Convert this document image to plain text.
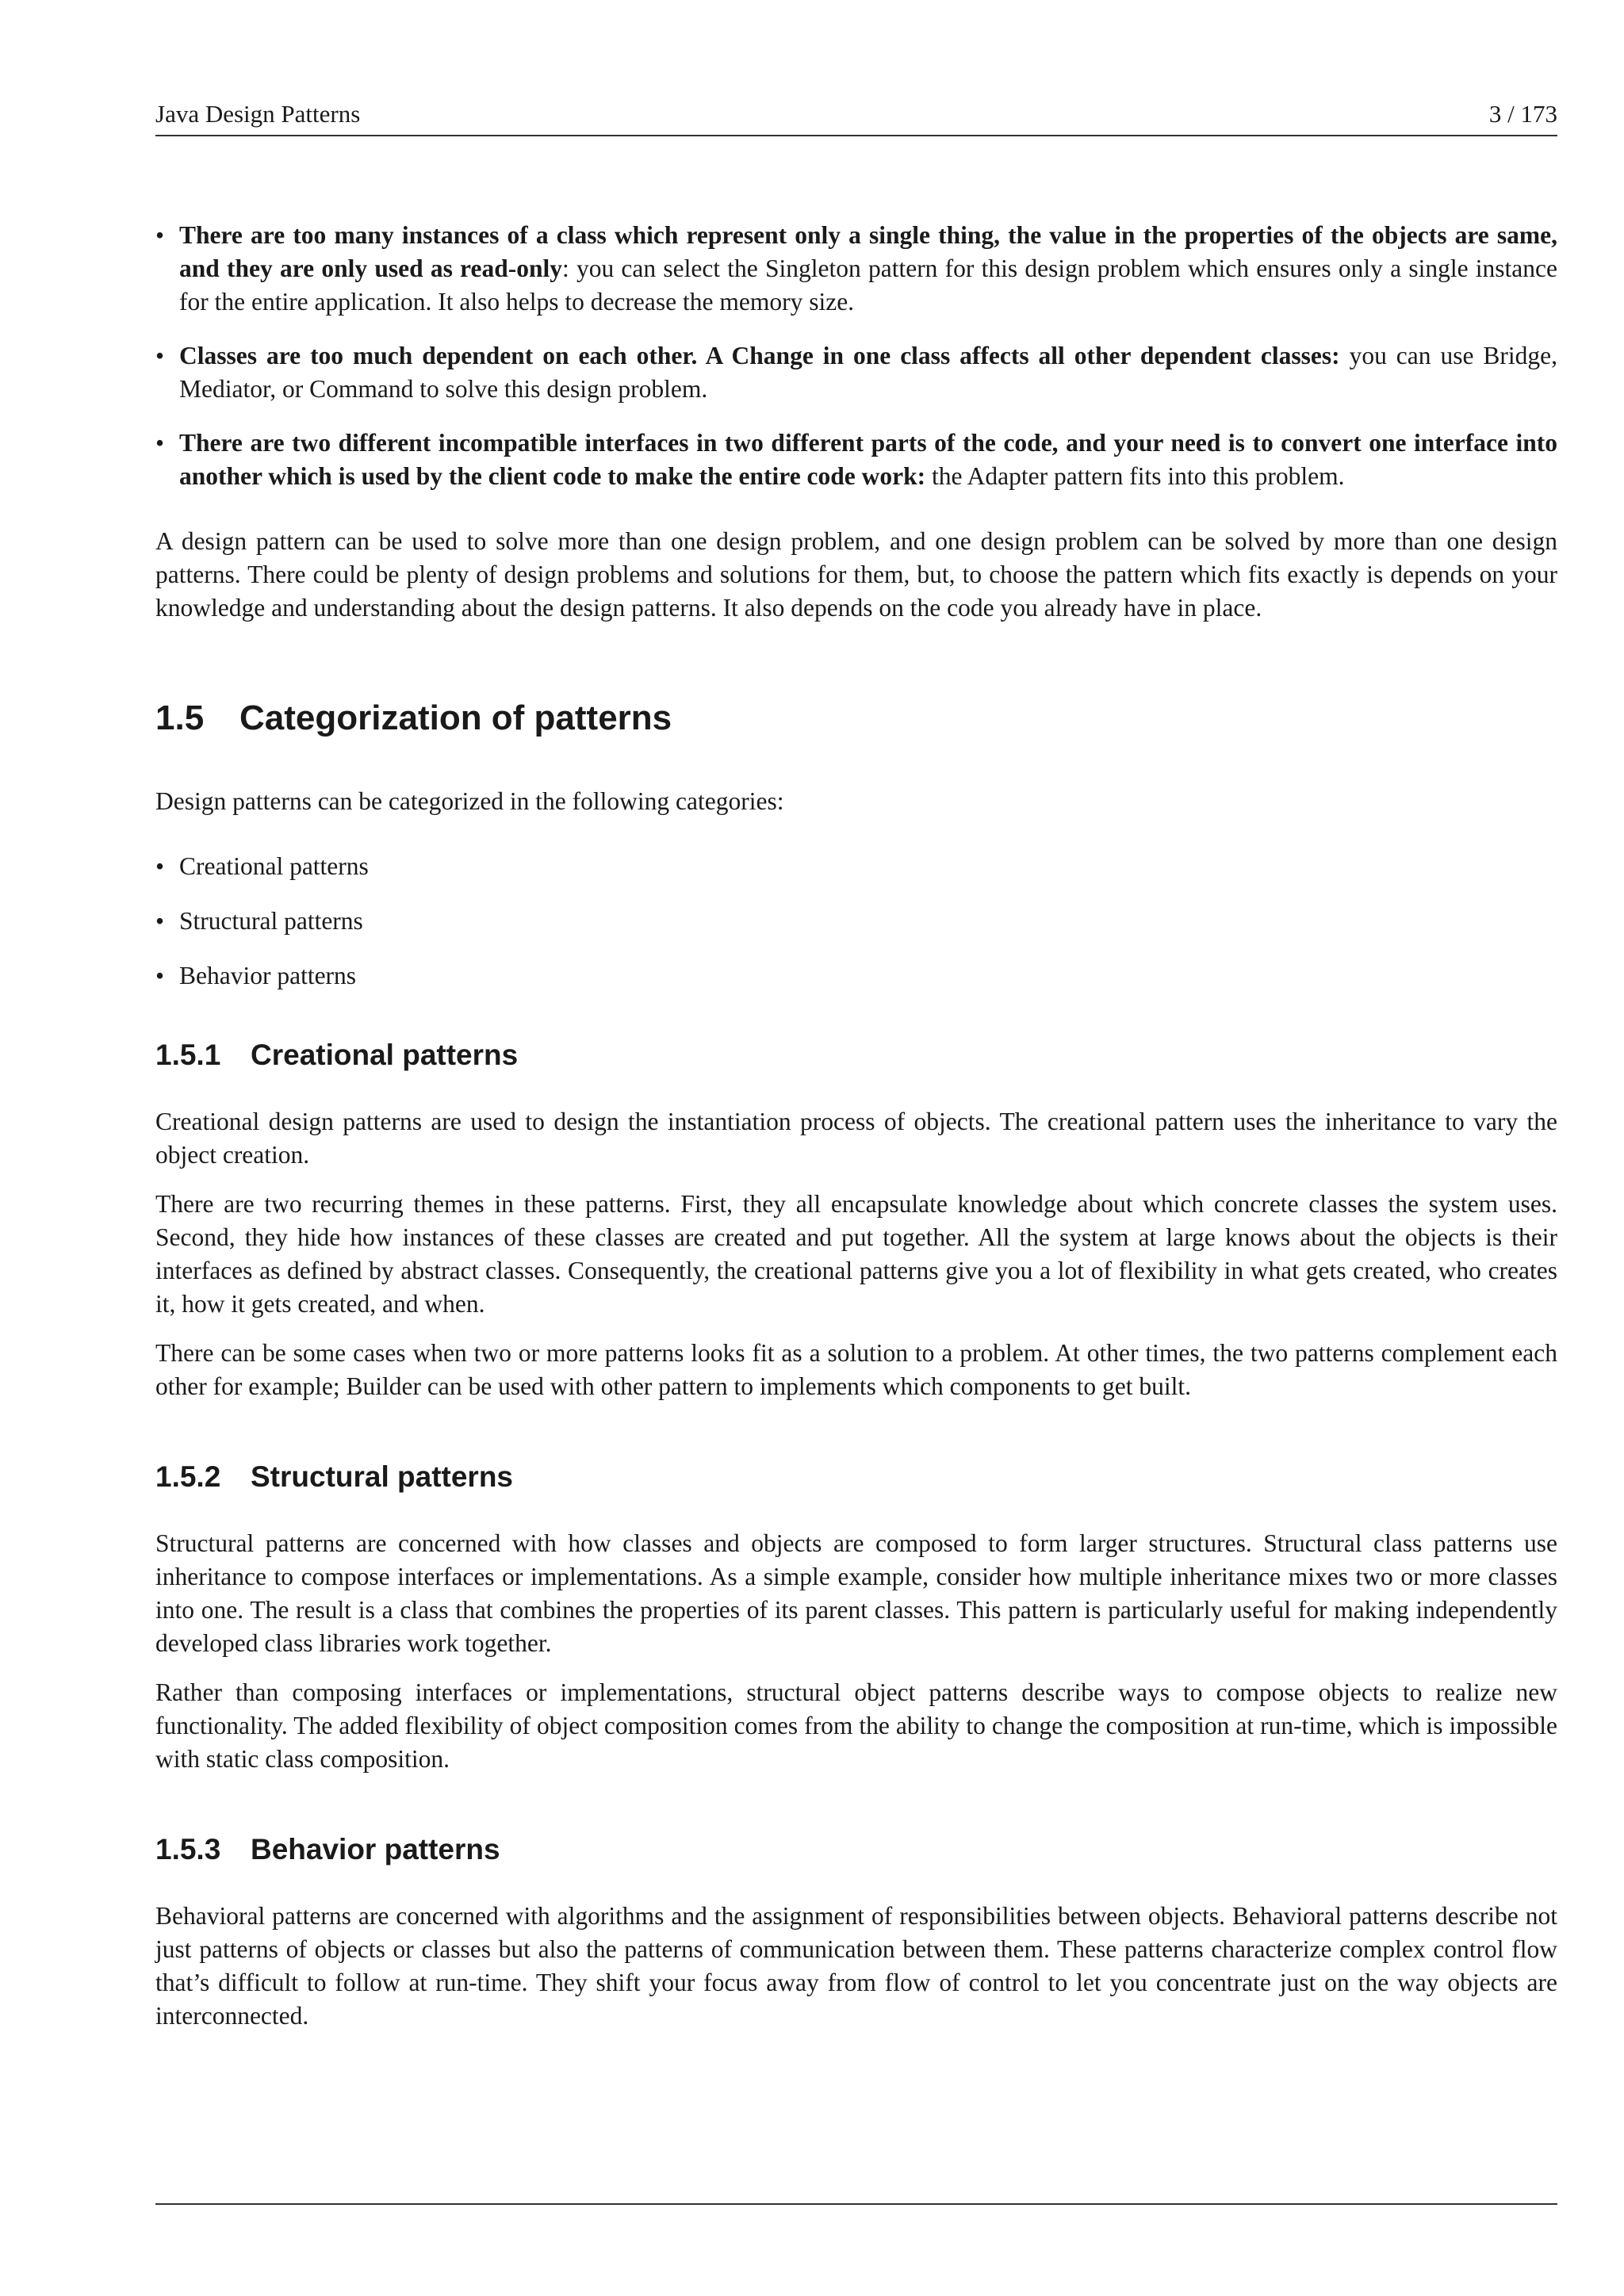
Java Design Patterns	3 / 173
• There are too many instances of a class which represent only a single thing, the value in the properties of the objects are same, and they are only used as read-only: you can select the Singleton pattern for this design problem which ensures only a single instance for the entire application. It also helps to decrease the memory size.
• Classes are too much dependent on each other. A Change in one class affects all other dependent classes: you can use Bridge, Mediator, or Command to solve this design problem.
• There are two different incompatible interfaces in two different parts of the code, and your need is to convert one interface into another which is used by the client code to make the entire code work: the Adapter pattern fits into this problem.

A design pattern can be used to solve more than one design problem, and one design problem can be solved by more than one design patterns. There could be plenty of design problems and solutions for them, but, to choose the pattern which fits exactly is depends on your knowledge and understanding about the design patterns. It also depends on the code you already have in place.

1.5 Categorization of patterns

Design patterns can be categorized in the following categories:

• Creational patterns
• Structural patterns
• Behavior patterns
1.5.1 Creational patterns

Creational design patterns are used to design the instantiation process of objects. The creational pattern uses the inheritance to vary the object creation.

There are two recurring themes in these patterns. First, they all encapsulate knowledge about which concrete classes the system uses. Second, they hide how instances of these classes are created and put together. All the system at large knows about the objects is their interfaces as defined by abstract classes. Consequently, the creational patterns give you a lot of flexibility in what gets created, who creates it, how it gets created, and when.

There can be some cases when two or more patterns looks fit as a solution to a problem. At other times, the two patterns complement each other for example; Builder can be used with other pattern to implements which components to get built.

1.5.2 Structural patterns

Structural patterns are concerned with how classes and objects are composed to form larger structures. Structural class patterns use inheritance to compose interfaces or implementations. As a simple example, consider how multiple inheritance mixes two or more classes into one. The result is a class that combines the properties of its parent classes. This pattern is particularly useful for making independently developed class libraries work together.

Rather than composing interfaces or implementations, structural object patterns describe ways to compose objects to realize new functionality. The added flexibility of object composition comes from the ability to change the composition at run-time, which is impossible with static class composition.

1.5.3 Behavior patterns

Behavioral patterns are concerned with algorithms and the assignment of responsibilities between objects. Behavioral patterns describe not just patterns of objects or classes but also the patterns of communication between them. These patterns characterize complex control flow that’s difficult to follow at run-time. They shift your focus away from flow of control to let you concentrate just on the way objects are interconnected.
